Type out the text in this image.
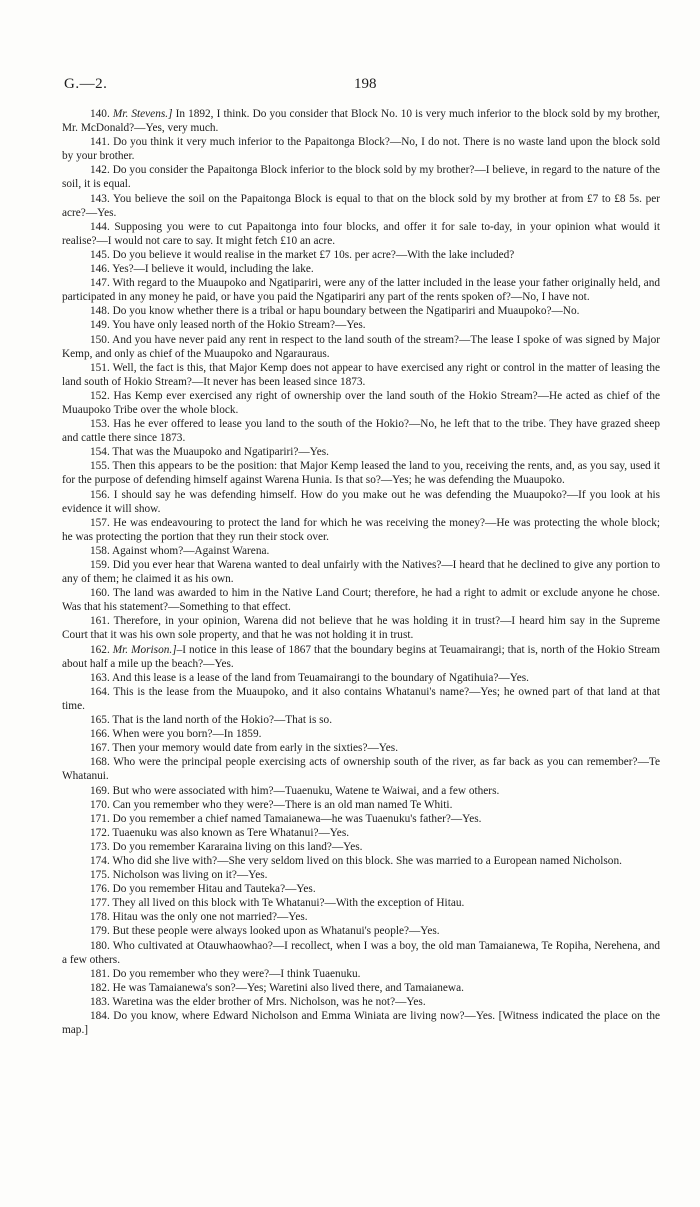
G.—2.	198

140. Mr. Stevens.] In 1892, I think. Do you consider that Block No. 10 is very much inferior to the block sold by my brother, Mr. McDonald?—Yes, very much.

141. Do you think it very much inferior to the Papaitonga Block?—No, I do not. There is no waste land upon the block sold by your brother.

142. Do you consider the Papaitonga Block inferior to the block sold by my brother?—I believe, in regard to the nature of the soil, it is equal.

143. You believe the soil on the Papaitonga Block is equal to that on the block sold by my brother at from £7 to £8 5s. per acre?—Yes.

144. Supposing you were to cut Papaitonga into four blocks, and offer it for sale to-day, in your opinion what would it realise?—I would not care to say. It might fetch £10 an acre.

145. Do you believe it would realise in the market £7 10s. per acre?—With the lake included?

146. Yes?—I believe it would, including the lake.

147. With regard to the Muaupoko and Ngatipariri, were any of the latter included in the lease your father originally held, and participated in any money he paid, or have you paid the Ngatipariri any part of the rents spoken of?—No, I have not.

148. Do you know whether there is a tribal or hapu boundary between the Ngatipariri and Muaupoko?—No.

149. You have only leased north of the Hokio Stream?—Yes.

150. And you have never paid any rent in respect to the land south of the stream?—The lease I spoke of was signed by Major Kemp, and only as chief of the Muaupoko and Ngarauraus.

151. Well, the fact is this, that Major Kemp does not appear to have exercised any right or control in the matter of leasing the land south of Hokio Stream?—It never has been leased since 1873.

152. Has Kemp ever exercised any right of ownership over the land south of the Hokio Stream?—He acted as chief of the Muaupoko Tribe over the whole block.

153. Has he ever offered to lease you land to the south of the Hokio?—No, he left that to the tribe. They have grazed sheep and cattle there since 1873.

154. That was the Muaupoko and Ngatipariri?—Yes.

155. Then this appears to be the position: that Major Kemp leased the land to you, receiving the rents, and, as you say, used it for the purpose of defending himself against Warena Hunia. Is that so?—Yes; he was defending the Muaupoko.

156. I should say he was defending himself. How do you make out he was defending the Muaupoko?—If you look at his evidence it will show.

157. He was endeavouring to protect the land for which he was receiving the money?—He was protecting the whole block; he was protecting the portion that they run their stock over.

158. Against whom?—Against Warena.

159. Did you ever hear that Warena wanted to deal unfairly with the Natives?—I heard that he declined to give any portion to any of them; he claimed it as his own.

160. The land was awarded to him in the Native Land Court; therefore, he had a right to admit or exclude anyone he chose. Was that his statement?—Something to that effect.

161. Therefore, in your opinion, Warena did not believe that he was holding it in trust?—I heard him say in the Supreme Court that it was his own sole property, and that he was not holding it in trust.

162. Mr. Morison.]–I notice in this lease of 1867 that the boundary begins at Teuamairangi; that is, north of the Hokio Stream about half a mile up the beach?—Yes.

163. And this lease is a lease of the land from Teuamairangi to the boundary of Ngatihuia?—Yes.

164. This is the lease from the Muaupoko, and it also contains Whatanui's name?—Yes; he owned part of that land at that time.

165. That is the land north of the Hokio?—That is so.

166. When were you born?—In 1859.

167. Then your memory would date from early in the sixties?—Yes.

168. Who were the principal people exercising acts of ownership south of the river, as far back as you can remember?—Te Whatanui.

169. But who were associated with him?—Tuaenuku, Watene te Waiwai, and a few others.

170. Can you remember who they were?—There is an old man named Te Whiti.

171. Do you remember a chief named Tamaianewa—he was Tuaenuku's father?—Yes.

172. Tuaenuku was also known as Tere Whatanui?—Yes.

173. Do you remember Kararaina living on this land?—Yes.

174. Who did she live with?—She very seldom lived on this block. She was married to a European named Nicholson.

175. Nicholson was living on it?—Yes.

176. Do you remember Hitau and Tauteka?—Yes.

177. They all lived on this block with Te Whatanui?—With the exception of Hitau.

178. Hitau was the only one not married?—Yes.

179. But these people were always looked upon as Whatanui's people?—Yes.

180. Who cultivated at Otauwhaowhao?—I recollect, when I was a boy, the old man Tamaianewa, Te Ropiha, Nerehena, and a few others.

181. Do you remember who they were?—I think Tuaenuku.

182. He was Tamaianewa's son?—Yes; Waretini also lived there, and Tamaianewa.

183. Waretina was the elder brother of Mrs. Nicholson, was he not?—Yes.

184. Do you know, where Edward Nicholson and Emma Winiata are living now?—Yes. [Witness indicated the place on the map.]
